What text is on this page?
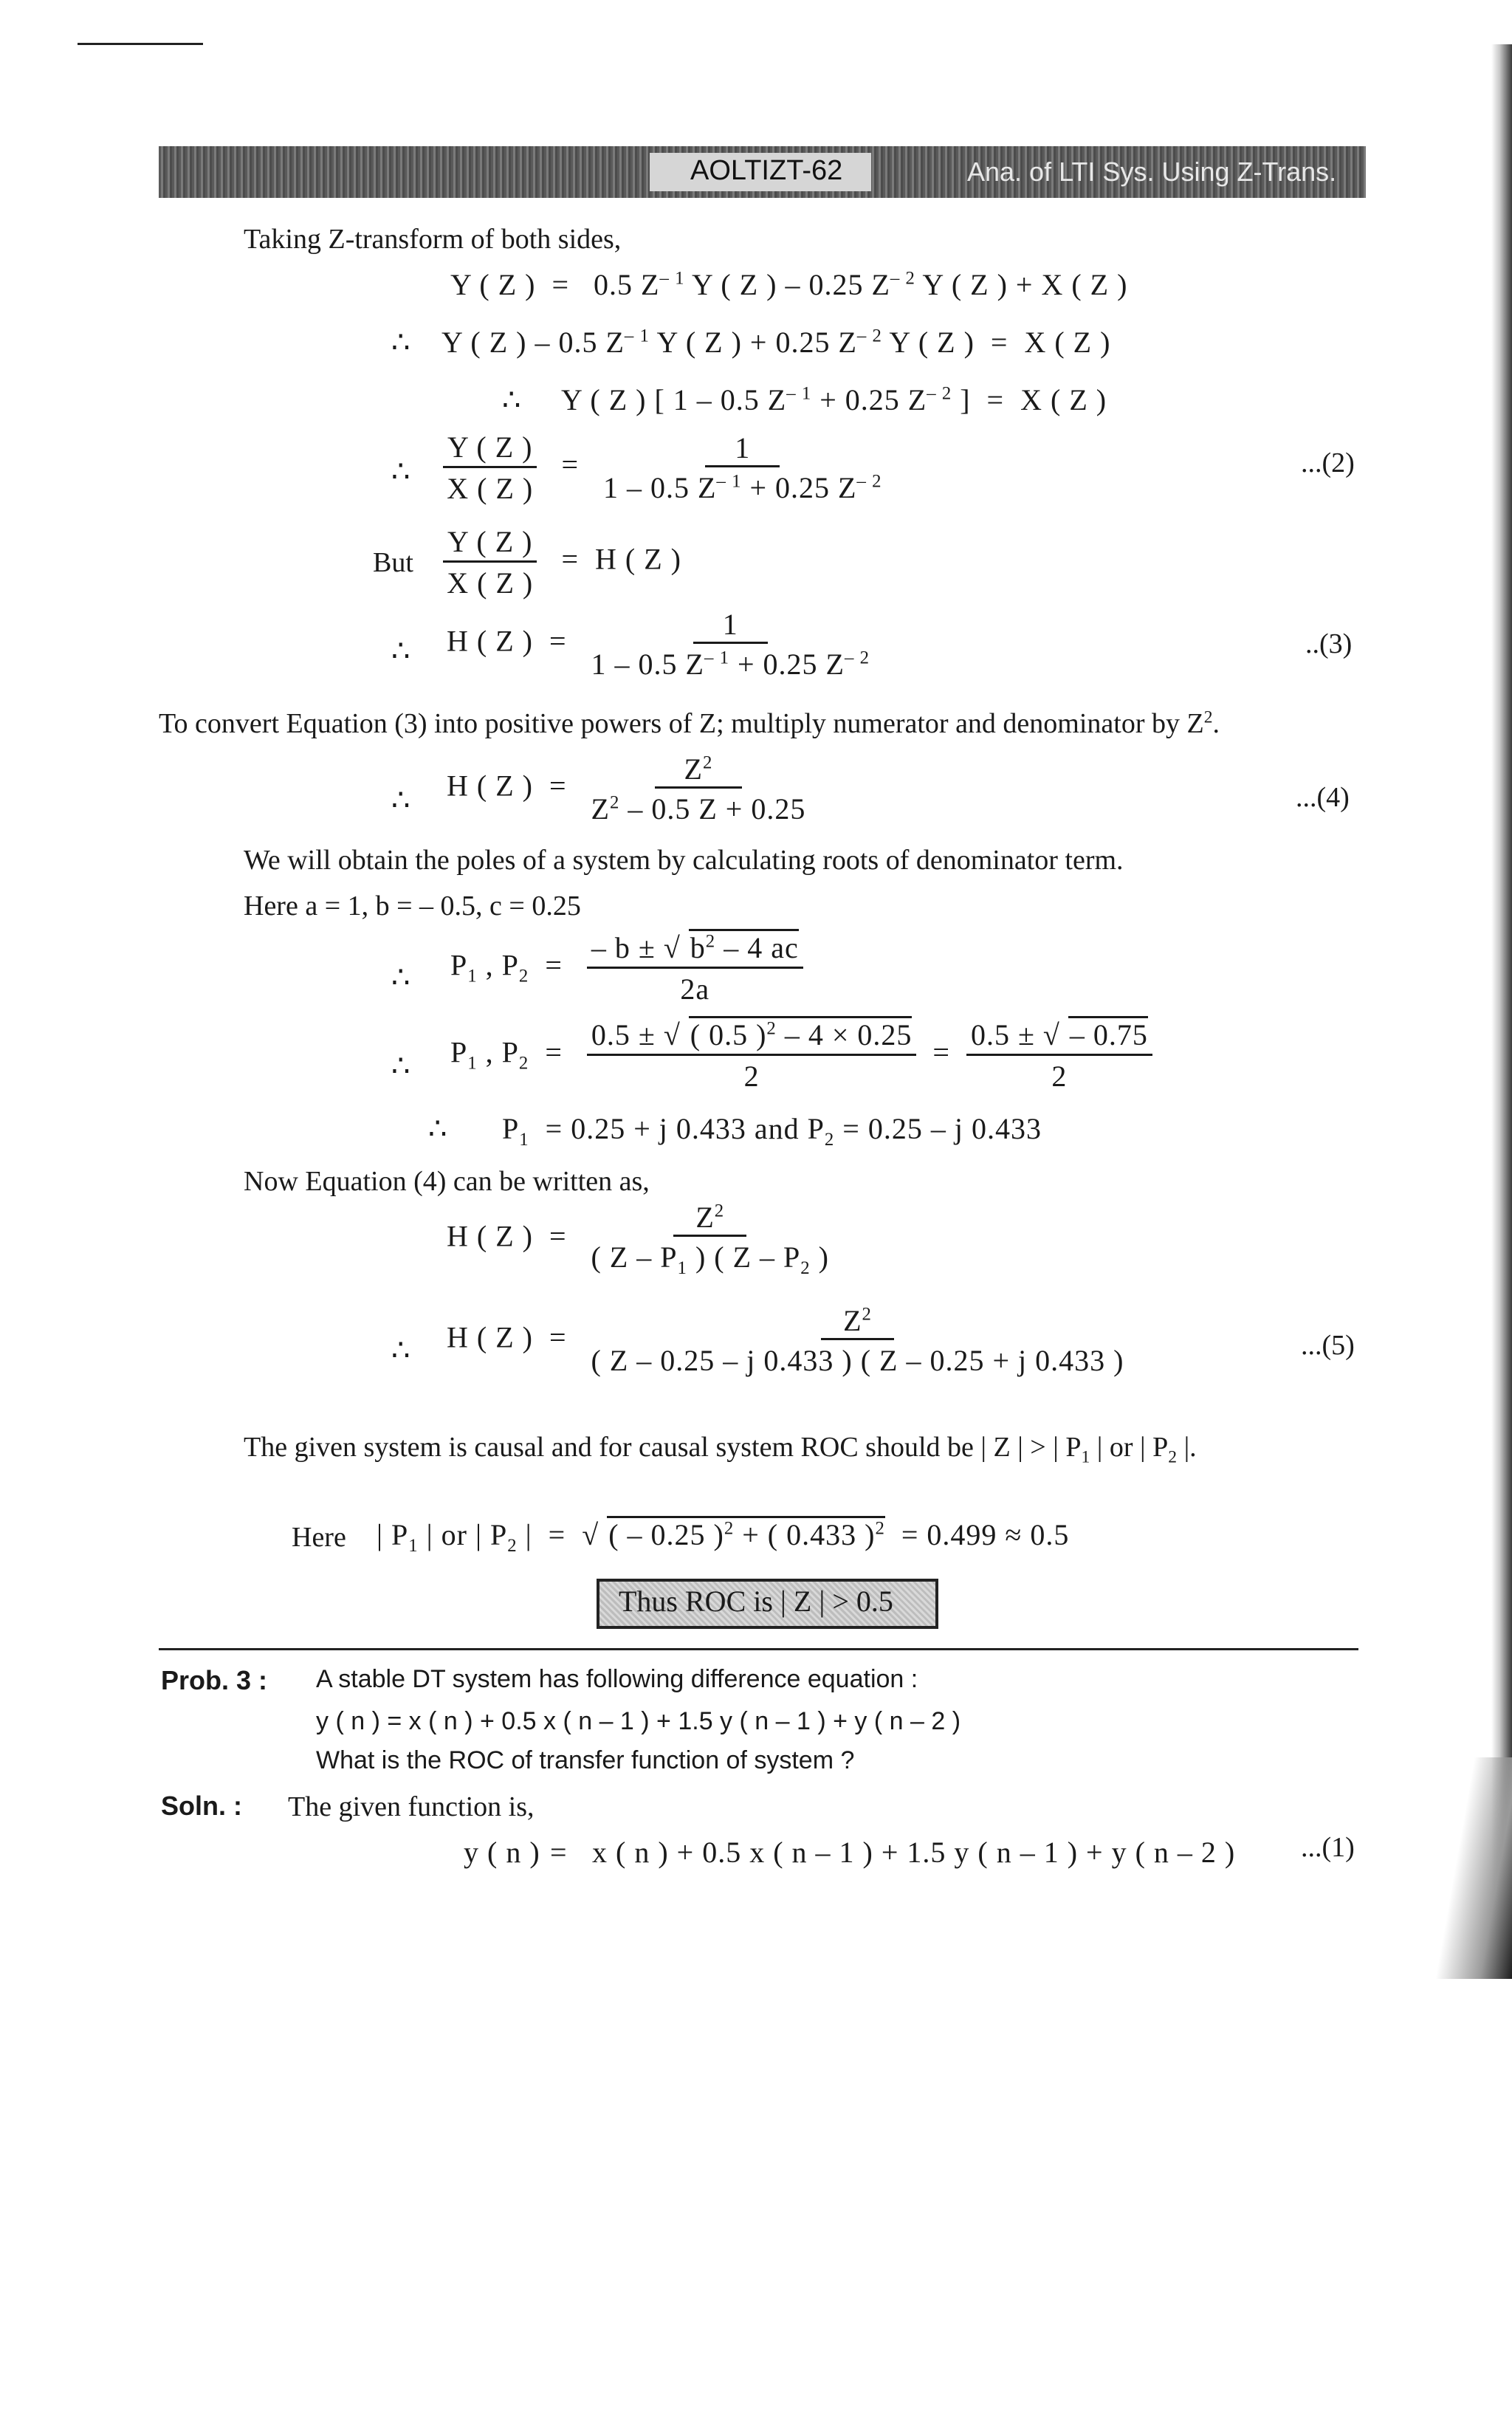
AOLTIZT-62	Ana. of LTI Sys. Using Z-Trans.
Taking Z-transform of both sides,
Y ( Z )  =   0.5 $Z^{- 1}$ Y ( Z ) – 0.25 $Z^{- 2}$ Y ( Z ) + X ( Z )
∴ Y ( Z ) – 0.5 $Z^{- 1}$ Y ( Z ) + 0.25 $Z^{- 2}$ Y ( Z )  =  X ( Z )
∴ Y ( Z ) [ 1 – 0.5 $Z^{- 1} + 0.25$ $Z^{- 2}$ ]  =  X ( Z )
∴ $\frac{Y ( Z )}{X ( Z )} = \frac{1}{1 - 0.5 Z^{- 1} + 0.25 Z^{- 2}}$	...(2)
But $\frac{Y ( Z )}{X ( Z )} = H$ ( Z )
∴ H ( Z )  = $\frac{1}{1 - 0.5 Z^{- 1} + 0.25 Z^{- 2}}$	..(3)
To convert Equation (3) into positive powers of Z; multiply numerator and denominator by $Z^2$.
∴ H ( Z )  = $\frac{Z^2}{Z^2 - 0.5 Z + 0.25}$	...(4)
We will obtain the poles of a system by calculating roots of denominator term.
Here a = 1, b = – 0.5, c = 0.25
∴ $P_1$ , $P_2 = \frac{- b \pm √ b^2 - 4 ac}{2a}$
∴ $P_1$ , $P_2 = \frac{0.5 \pm √ ( 0.5 )^2 - 4 \times 0.25}{2} = \frac{0.5 \pm √ - 0.75}{2}$
∴ $P_1 = 0.25 + j$ 0.433 and $P_2 = 0.25 - j$ 0.433
Now Equation (4) can be written as,
H ( Z )  = $\frac{Z^2}{( Z - P_1 ) ( Z - P_2 )}$
∴ H ( Z )  = $\frac{Z^2}{( Z - 0.25 - j 0.433 ) ( Z - 0.25 + j 0.433 )}$	...(5)
The given system is causal and for causal system ROC should be | Z | > | $P_1$ | or | $P_2$ |.
Here | $P_1$ | or | $P_2$ |  =  √ ( – 0.25 )$^2$ + ( 0.433 )$^2$  = 0.499 ≈ 0.5
Thus ROC is | Z | > 0.5
Prob. 3 : A stable DT system has following difference equation :
y ( n ) = x ( n ) + 0.5 x ( n – 1 ) + 1.5 y ( n – 1 ) + y ( n – 2 )
What is the ROC of transfer function of system ?
Soln. : The given function is,
y ( n ) = x ( n ) + 0.5 x ( n – 1 ) + 1.5 y ( n – 1 ) + y ( n – 2 ) ...(1)
